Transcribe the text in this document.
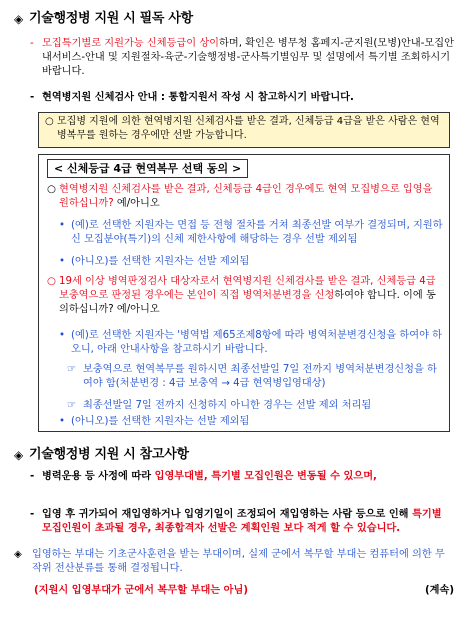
◈ 기술행정병 지원 시 필독 사항
- 모집특기별로 지원가능 신체등급이 상이하며, 확인은 병무청 홈페지-군지원(모병)안내-모집안내서비스-안내 및 지원절차-육군-기술행정병-군사특기별임무 및 설명에서 특기별 조회하시기 바랍니다.
- 현역병지원 신체검사 안내 : 통합지원서 작성 시 참고하시기 바랍니다.
○ 모집병 지원에 의한 현역병지원 신체검사를 받은 결과, 신체등급 4급을 받은 사람은 현역병복무를 원하는 경우에만 선발 가능합니다.
< 신체등급 4급 현역복무 선택 동의 >
○ 현역병지원 신체검사를 받은 결과, 신체등급 4급인 경우에도 현역 모집병으로 입영을 원하십니까? 예/아니오
• (예)로 선택한 지원자는 면접 등 전형 절차를 거쳐 최종선발 여부가 결정되며, 지원하신 모집분야(특기)의 신체 제한사항에 해당하는 경우 선발 제외됨
• (아니오)를 선택한 지원자는 선발 제외됨
○ 19세 이상 병역판정검사 대상자로서 현역병지원 신체검사를 받은 결과, 신체등급 4급 보충역으로 판정된 경우에는 본인이 직접 병역처분변경을 신청하여야 합니다. 이에 동의하십니까? 예/아니오
• (예)로 선택한 지원자는 '병역법 제65조제8항에 따라 병역처분변경신청을 하여야 하오니, 아래 안내사항을 참고하시기 바랍니다.
☞ 보충역으로 현역복무를 원하시면 최종선발일 7일 전까지 병역처분변경신청을 하여야 함(처분변경 : 4급 보충역 → 4급 현역병입영대상)
☞ 최종선발일 7일 전까지 신청하지 아니한 경우는 선발 제외 처리됨
• (아니오)를 선택한 지원자는 선발 제외됨
◈ 기술행정병 지원 시 참고사항
- 병력운용 등 사정에 따라 입영부대별, 특기별 모집인원은 변동될 수 있으며,
- 입영 후 귀가되어 재입영하거나 입영기일이 조정되어 재입영하는 사람 등으로 인해 특기별 모집인원이 초과될 경우, 최종합격자 선발은 계획인원 보다 적게 할 수 있습니다.
◈ 입영하는 부대는 기초군사훈련을 받는 부대이며, 실제 군에서 복무할 부대는 컴퓨터에 의한 무작위 전산분류를 통해 결정됩니다.
(지원시 입영부대가 군에서 복무할 부대는 아님)	(계속)
